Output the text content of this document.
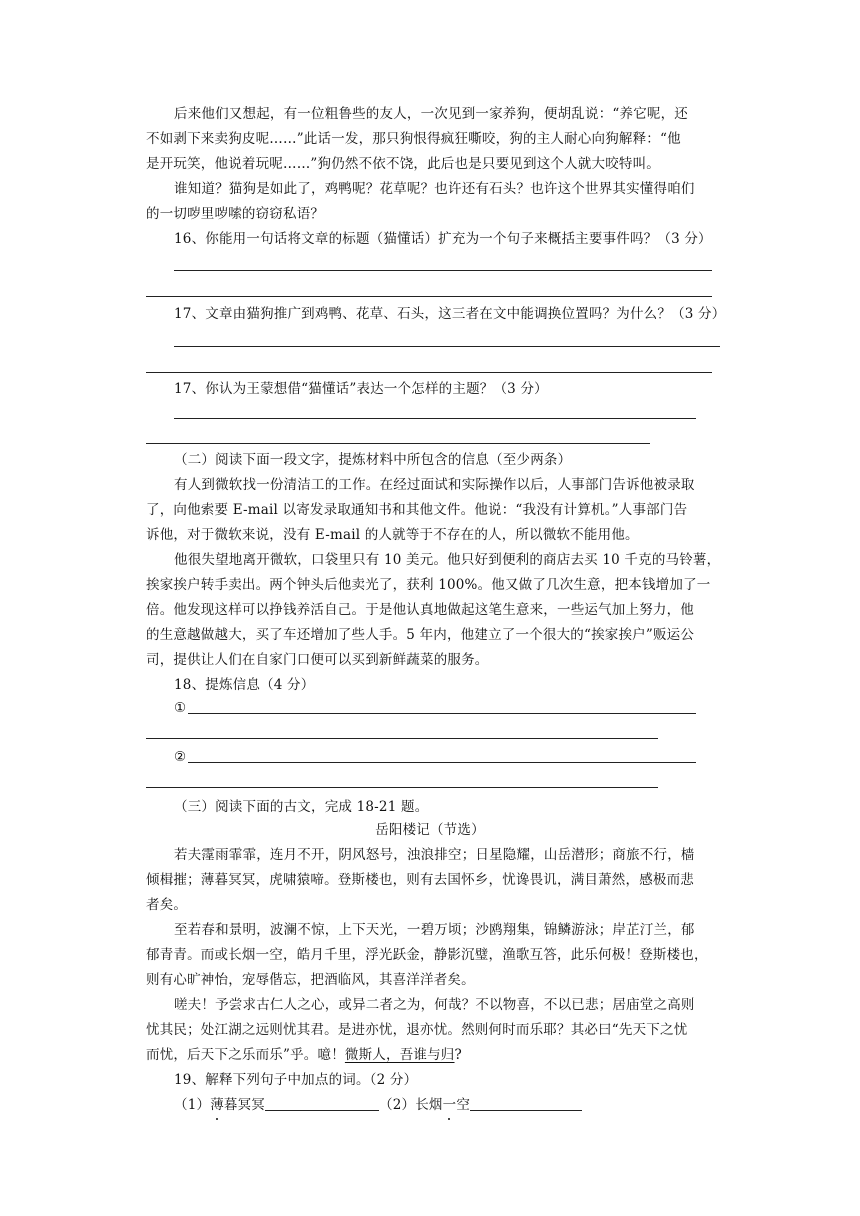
后来他们又想起，有一位粗鲁些的友人，一次见到一家养狗，便胡乱说：“养它呢，还
不如剥下来卖狗皮呢……”此话一发，那只狗恨得疯狂嘶咬，狗的主人耐心向狗解释：“他
是开玩笑，他说着玩呢……”狗仍然不依不饶，此后也是只要见到这个人就大咬特叫。
谁知道？猫狗是如此了，鸡鸭呢？花草呢？也许还有石头？也许这个世界其实懂得咱们
的一切哕里哕嗦的窃窃私语？
16、你能用一句话将文章的标题（猫懂话）扩充为一个句子来概括主要事件吗？（3 分）
17、文章由猫狗推广到鸡鸭、花草、石头，这三者在文中能调换位置吗？为什么？（3 分）
17、你认为王蒙想借“猫懂话”表达一个怎样的主题？（3 分）
（二）阅读下面一段文字，提炼材料中所包含的信息（至少两条）
有人到微软找一份清洁工的工作。在经过面试和实际操作以后，人事部门告诉他被录取
了，向他索要 E-mail 以寄发录取通知书和其他文件。他说：“我没有计算机。”人事部门告
诉他，对于微软来说，没有 E-mail 的人就等于不存在的人，所以微软不能用他。
他很失望地离开微软，口袋里只有 10 美元。他只好到便利的商店去买 10 千克的马铃薯，
挨家挨户转手卖出。两个钟头后他卖光了，获利 100%。他又做了几次生意，把本钱增加了一
倍。他发现这样可以挣钱养活自己。于是他认真地做起这笔生意来，一些运气加上努力，他
的生意越做越大，买了车还增加了些人手。5 年内，他建立了一个很大的“挨家挨户”贩运公
司，提供让人们在自家门口便可以买到新鲜蔬菜的服务。
18、提炼信息（4 分）
①
②
（三）阅读下面的古文，完成 18-21 题。
岳阳楼记（节选）
若夫霪雨霏霏，连月不开，阴风怒号，浊浪排空；日星隐耀，山岳潜形；商旅不行，樯
倾楫摧；薄暮冥冥，虎啸猿啼。登斯楼也，则有去国怀乡，忧谗畏讥，满目萧然，感极而悲
者矣。
至若春和景明，波澜不惊，上下天光，一碧万顷；沙鸥翔集，锦鳞游泳；岸芷汀兰，郁
郁青青。而或长烟一空，皓月千里，浮光跃金，静影沉璧，渔歌互答，此乐何极！登斯楼也，
则有心旷神怡，宠辱偕忘，把酒临风，其喜洋洋者矣。
嗟夫！予尝求古仁人之心，或异二者之为，何哉？不以物喜，不以已悲；居庙堂之高则
忧其民；处江湖之远则忧其君。是进亦忧，退亦忧。然则何时而乐耶？其必曰“先天下之忧
而忧，后天下之乐而乐”乎。噫！微斯人，吾谁与归?
19、解释下列句子中加点的词。（2 分）
（1）薄暮冥冥	（2）长烟一空
